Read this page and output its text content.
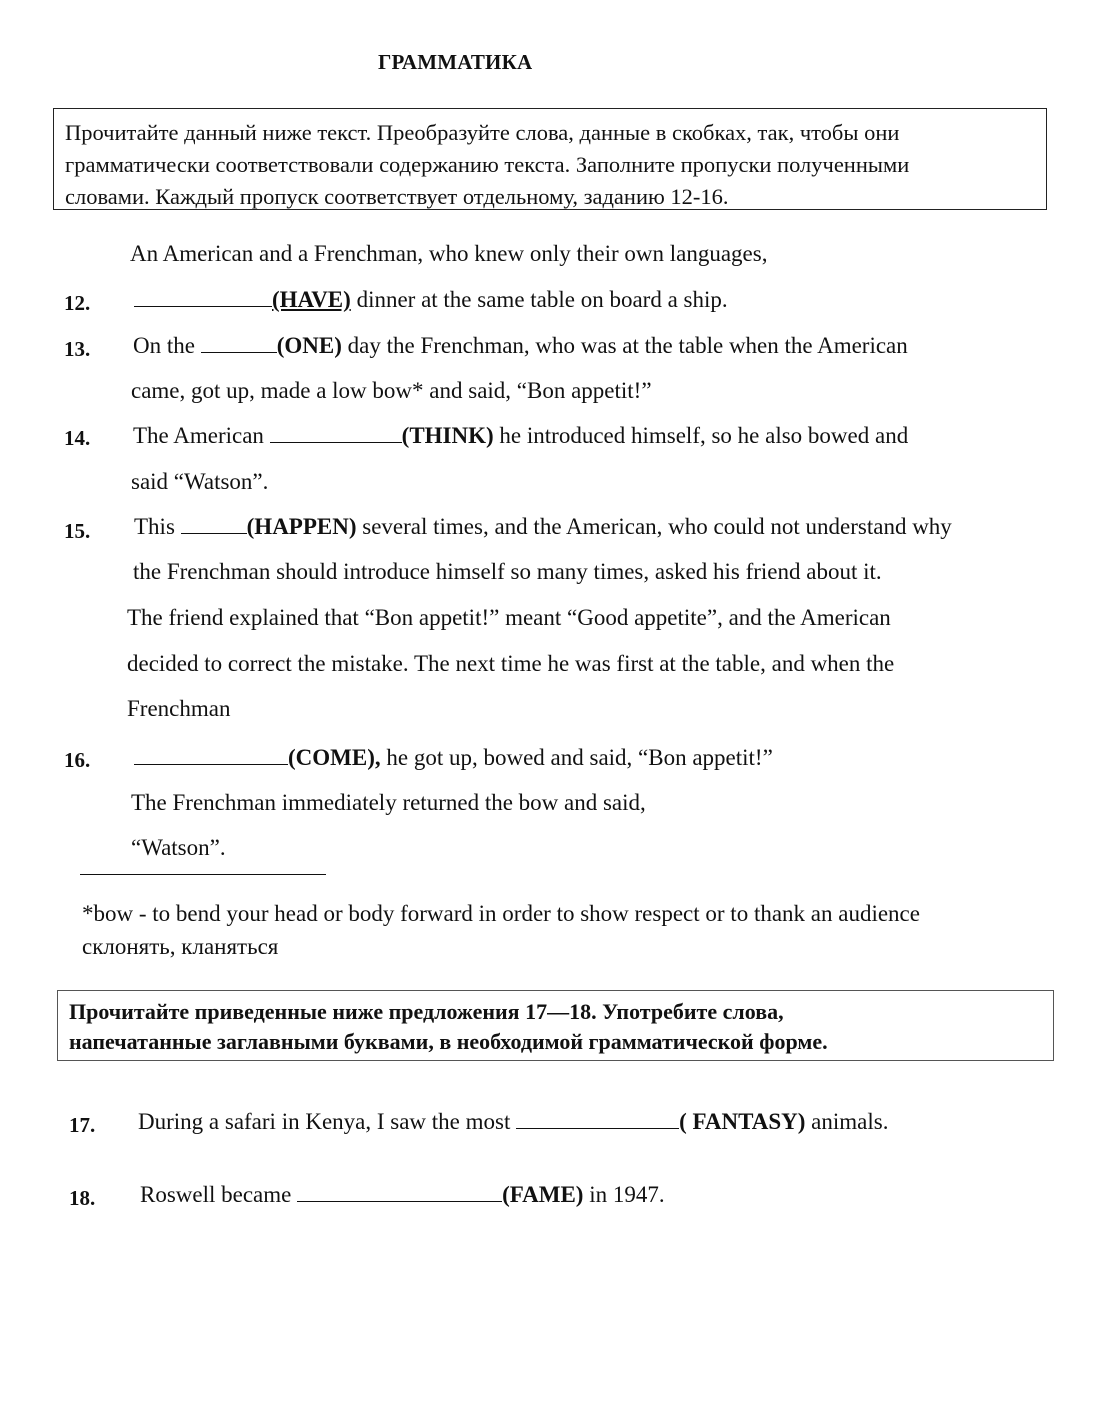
ГРАММАТИКА
Прочитайте данный ниже текст. Преобразуйте слова, данные в скобках, так, чтобы они
грамматически соответствовали содержанию текста. Заполните пропуски полученными
словами. Каждый пропуск соответствует отдельному, заданию 12-16.
An American and a Frenchman, who knew only their own languages,
12.	(HAVE) dinner at the same table on board a ship.
13. On the	(ONE) day the Frenchman, who was at the table when the American
came, got up, made a low bow* and said, “Bon appetit!”
14. The American	(THINK) he introduced himself, so he also bowed and
said “Watson”.
15. This	(HAPPEN) several times, and the American, who could not understand why
the Frenchman should introduce himself so many times, asked his friend about it.
The friend explained that “Bon appetit!” meant “Good appetite”, and the American
decided to correct the mistake. The next time he was first at the table, and when the
Frenchman
16.	(COME), he got up, bowed and said, “Bon appetit!”
The Frenchman immediately returned the bow and said,
“Watson”.
*bow - to bend your head or body forward in order to show respect or to thank an audience
склонять, кланяться
Прочитайте приведенные ниже предложения 17—18. Употребите слова,
напечатанные заглавными буквами, в необходимой грамматической форме.
17. During a safari in Kenya, I saw the most	( FANTASY) animals.
18. Roswell became	(FAME) in 1947.
